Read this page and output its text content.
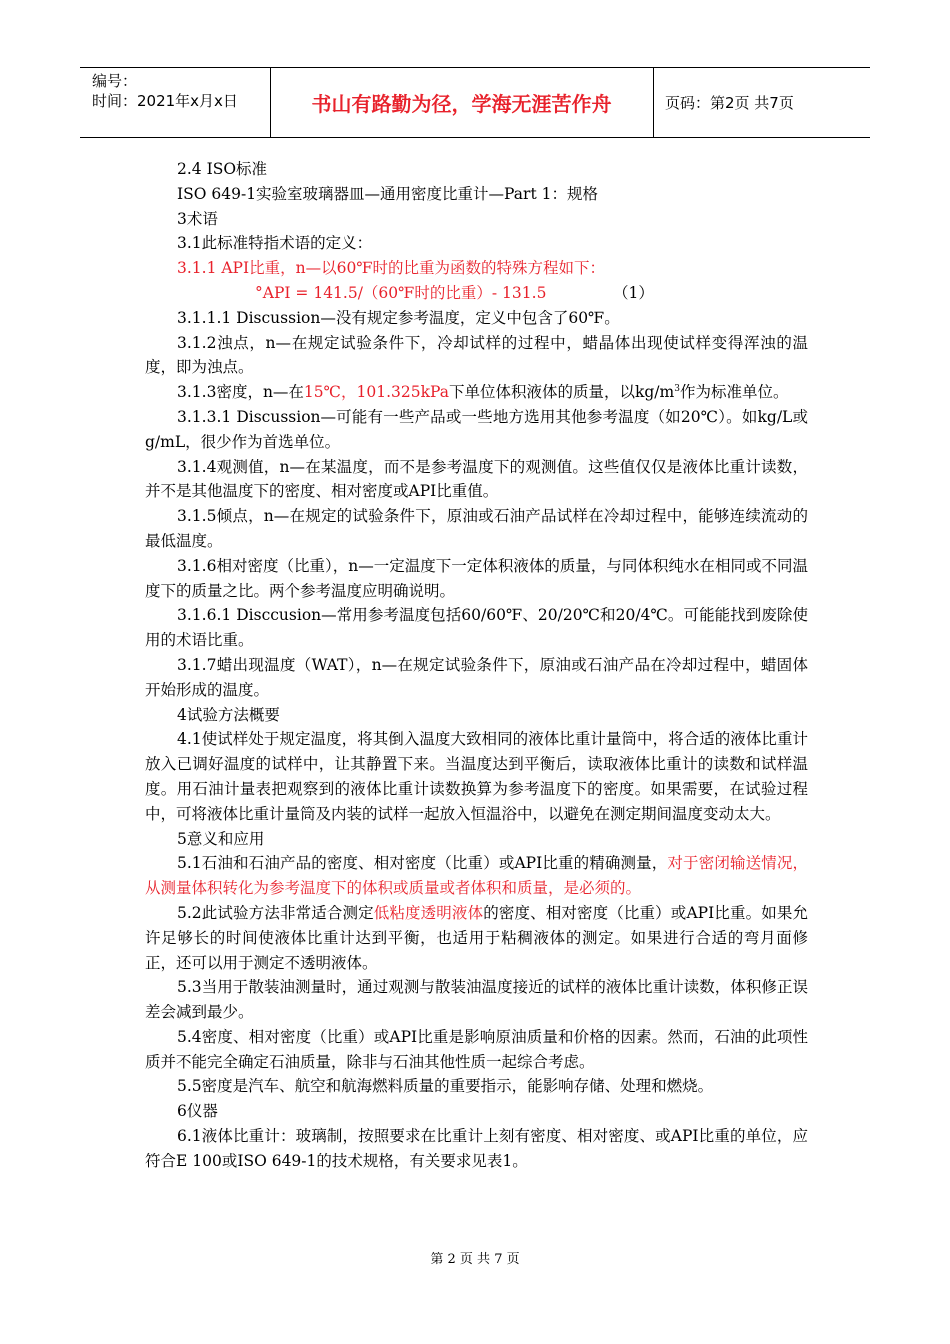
编号：
时间：2021年x月x日	书山有路勤为径，学海无涯苦作舟	页码：第2页 共7页

2.4 ISO标准

ISO 649-1实验室玻璃器皿—通用密度比重计—Part 1：规格

3术语

3.1此标准特指术语的定义：

3.1.1 API比重，n—以60℉时的比重为函数的特殊方程如下：

°API = 141.5/（60℉时的比重）- 131.5	（1）

3.1.1.1 Discussion—没有规定参考温度，定义中包含了60℉。

3.1.2浊点，n—在规定试验条件下，冷却试样的过程中，蜡晶体出现使试样变得浑浊的温度，即为浊点。

3.1.3密度，n—在15℃，101.325kPa下单位体积液体的质量，以$kg/m^3$作为标准单位。

3.1.3.1 Discussion—可能有一些产品或一些地方选用其他参考温度（如20℃）。如kg/L或g/mL，很少作为首选单位。

3.1.4观测值，n—在某温度，而不是参考温度下的观测值。这些值仅仅是液体比重计读数，并不是其他温度下的密度、相对密度或API比重值。

3.1.5倾点，n—在规定的试验条件下，原油或石油产品试样在冷却过程中，能够连续流动的最低温度。

3.1.6相对密度（比重），n—一定温度下一定体积液体的质量，与同体积纯水在相同或不同温度下的质量之比。两个参考温度应明确说明。

3.1.6.1 Disccusion—常用参考温度包括60/60℉、20/20℃和20/4℃。可能能找到废除使用的术语比重。

3.1.7蜡出现温度（WAT），n—在规定试验条件下，原油或石油产品在冷却过程中，蜡固体开始形成的温度。

4试验方法概要

4.1使试样处于规定温度，将其倒入温度大致相同的液体比重计量筒中，将合适的液体比重计放入已调好温度的试样中，让其静置下来。当温度达到平衡后，读取液体比重计的读数和试样温度。用石油计量表把观察到的液体比重计读数换算为参考温度下的密度。如果需要，在试验过程中，可将液体比重计量筒及内装的试样一起放入恒温浴中，以避免在测定期间温度变动太大。

5意义和应用

5.1石油和石油产品的密度、相对密度（比重）或API比重的精确测量，对于密闭输送情况，从测量体积转化为参考温度下的体积或质量或者体积和质量，是必须的。

5.2此试验方法非常适合测定低粘度透明液体的密度、相对密度（比重）或API比重。如果允许足够长的时间使液体比重计达到平衡，也适用于粘稠液体的测定。如果进行合适的弯月面修正，还可以用于测定不透明液体。

5.3当用于散装油测量时，通过观测与散装油温度接近的试样的液体比重计读数，体积修正误差会减到最少。

5.4密度、相对密度（比重）或API比重是影响原油质量和价格的因素。然而，石油的此项性质并不能完全确定石油质量，除非与石油其他性质一起综合考虑。

5.5密度是汽车、航空和航海燃料质量的重要指示，能影响存储、处理和燃烧。

6仪器

6.1液体比重计：玻璃制，按照要求在比重计上刻有密度、相对密度、或API比重的单位，应符合E 100或ISO 649-1的技术规格，有关要求见表1。

第 2 页 共 7 页
